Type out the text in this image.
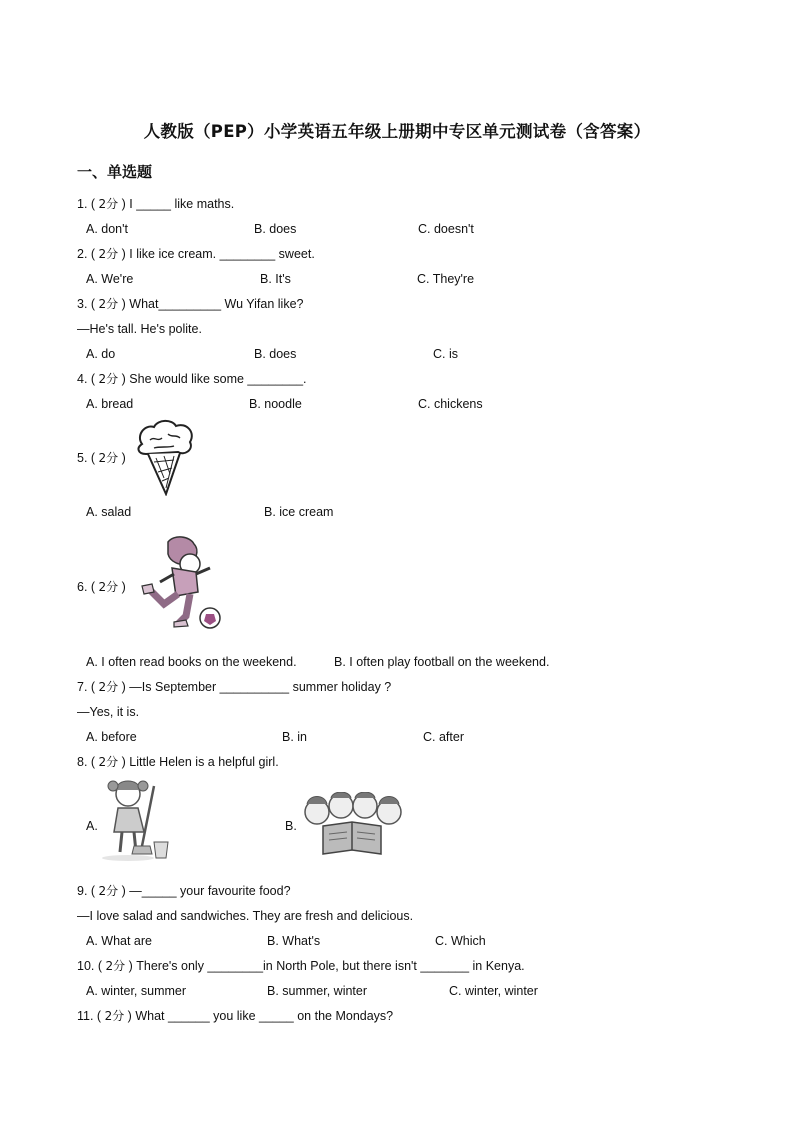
人教版（PEP）小学英语五年级上册期中专区单元测试卷（含答案）
一、单选题
1. ( 2分 ) I _____ like maths.
A. don't	B. does	C. doesn't
2. ( 2分 ) I like ice cream. ________ sweet.
A. We're	B. It's	C. They're
3. ( 2分 ) What_________ Wu Yifan like?
—He's tall. He's polite.
A. do	B. does	C. is
4. ( 2分 ) She would like some ________.
A. bread	B. noodle	C. chickens
5. ( 2分 )
A. salad	B. ice cream
6. ( 2分 )
A. I often read books on the weekend.	B. I often play football on the weekend.
7. ( 2分 ) —Is September __________ summer holiday ?
—Yes, it is.
A. before	B. in	C. after
8. ( 2分 ) Little Helen is a helpful girl.
A.	B.
9. ( 2分 ) —_____ your favourite food?
—I love salad and sandwiches. They are fresh and delicious.
A. What are	B. What's	C. Which
10. ( 2分 ) There's only ________in North Pole, but there isn't _______ in Kenya.
A. winter, summer	B. summer, winter	C. winter, winter
11. ( 2分 ) What ______ you like _____ on the Mondays?
